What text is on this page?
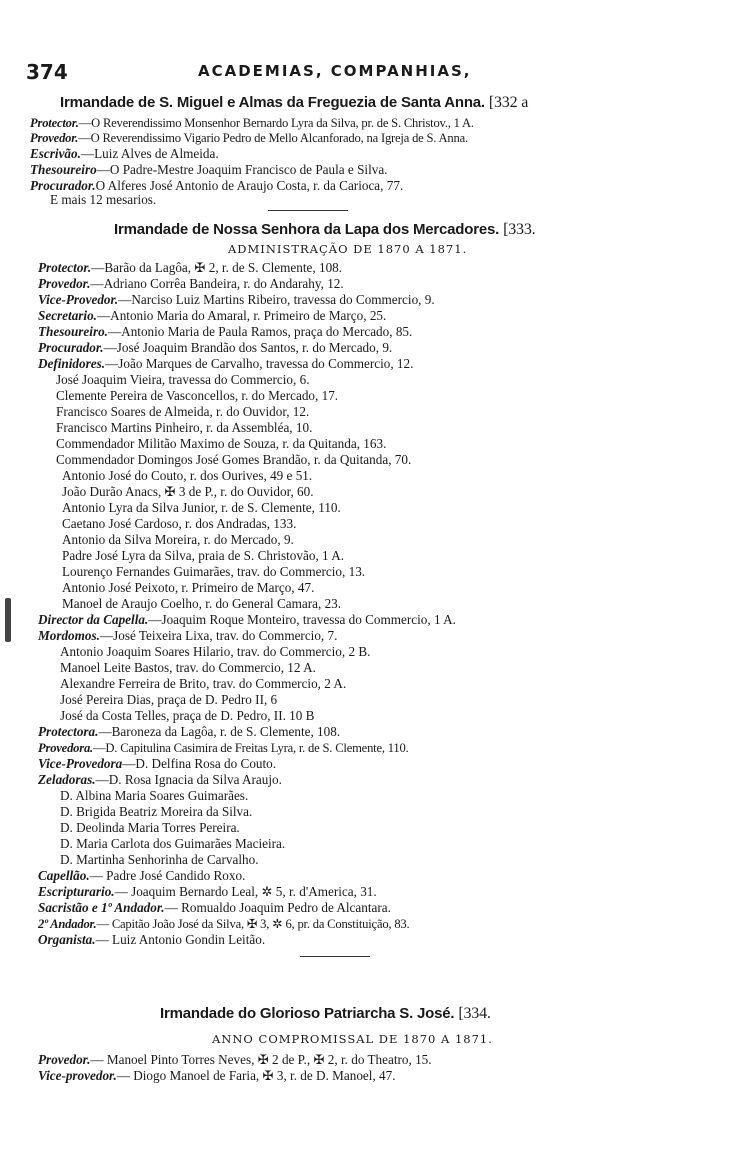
374	ACADEMIAS, COMPANHIAS,
Irmandade de S. Miguel e Almas da Freguezia de Santa Anna. [332 a
Protector.—O Reverendissimo Monsenhor Bernardo Lyra da Silva, pr. de S. Christov., 1 A.
Provedor.—O Reverendissimo Vigario Pedro de Mello Alcanforado, na Igreja de S. Anna.
Escrivão.—Luiz Alves de Almeida.
Thesoureiro—O Padre-Mestre Joaquim Francisco de Paula e Silva.
Procurador.O Alferes José Antonio de Araujo Costa, r. da Carioca, 77.
E mais 12 mesarios.
Irmandade de Nossa Senhora da Lapa dos Mercadores. [333.
ADMINISTRAÇÃO DE 1870 A 1871.
Protector.—Barão da Lagôa, ✠ 2, r. de S. Clemente, 108.
Provedor.—Adriano Corrêa Bandeira, r. do Andarahy, 12.
Vice-Provedor.—Narciso Luiz Martins Ribeiro, travessa do Commercio, 9.
Secretario.—Antonio Maria do Amaral, r. Primeiro de Março, 25.
Thesoureiro.—Antonio Maria de Paula Ramos, praça do Mercado, 85.
Procurador.—José Joaquim Brandão dos Santos, r. do Mercado, 9.
Definidores.—João Marques de Carvalho, travessa do Commercio, 12.
José Joaquim Vieira, travessa do Commercio, 6.
Clemente Pereira de Vasconcellos, r. do Mercado, 17.
Francisco Soares de Almeida, r. do Ouvidor, 12.
Francisco Martins Pinheiro, r. da Assembléa, 10.
Commendador Militão Maximo de Souza, r. da Quitanda, 163.
Commendador Domingos José Gomes Brandão, r. da Quitanda, 70.
Antonio José do Couto, r. dos Ourives, 49 e 51.
João Durão Anacs, ✠ 3 de P., r. do Ouvidor, 60.
Antonio Lyra da Silva Junior, r. de S. Clemente, 110.
Caetano José Cardoso, r. dos Andradas, 133.
Antonio da Silva Moreira, r. do Mercado, 9.
Padre José Lyra da Silva, praia de S. Christovão, 1 A.
Lourenço Fernandes Guimarães, trav. do Commercio, 13.
Antonio José Peixoto, r. Primeiro de Março, 47.
Manoel de Araujo Coelho, r. do General Camara, 23.
Director da Capella.—Joaquim Roque Monteiro, travessa do Commercio, 1 A.
Mordomos.—José Teixeira Lixa, trav. do Commercio, 7.
Antonio Joaquim Soares Hilario, trav. do Commercio, 2 B.
Manoel Leite Bastos, trav. do Commercio, 12 A.
Alexandre Ferreira de Brito, trav. do Commercio, 2 A.
José Pereira Dias, praça de D. Pedro II, 6
José da Costa Telles, praça de D. Pedro, II. 10 B
Protectora.—Baroneza da Lagôa, r. de S. Clemente, 108.
Provedora.—D. Capitulina Casimira de Freitas Lyra, r. de S. Clemente, 110.
Vice-Provedora—D. Delfina Rosa do Couto.
Zeladoras.—D. Rosa Ignacia da Silva Araujo.
D. Albina Maria Soares Guimarães.
D. Brigida Beatriz Moreira da Silva.
D. Deolinda Maria Torres Pereira.
D. Maria Carlota dos Guimarães Macieira.
D. Martinha Senhorinha de Carvalho.
Capellão.— Padre José Candido Roxo.
Escripturario.— Joaquim Bernardo Leal, ✲ 5, r. d'America, 31.
Sacristão e 1º Andador.— Romualdo Joaquim Pedro de Alcantara.
2º Andador.— Capitão João José da Silva, ✠ 3, ✲ 6, pr. da Constituição, 83.
Organista.— Luiz Antonio Gondin Leitão.
Irmandade do Glorioso Patriarcha S. José. [334.
ANNO COMPROMISSAL DE 1870 A 1871.
Provedor.— Manoel Pinto Torres Neves, ✠ 2 de P., ✠ 2, r. do Theatro, 15.
Vice-provedor.— Diogo Manoel de Faria, ✠ 3, r. de D. Manoel, 47.
